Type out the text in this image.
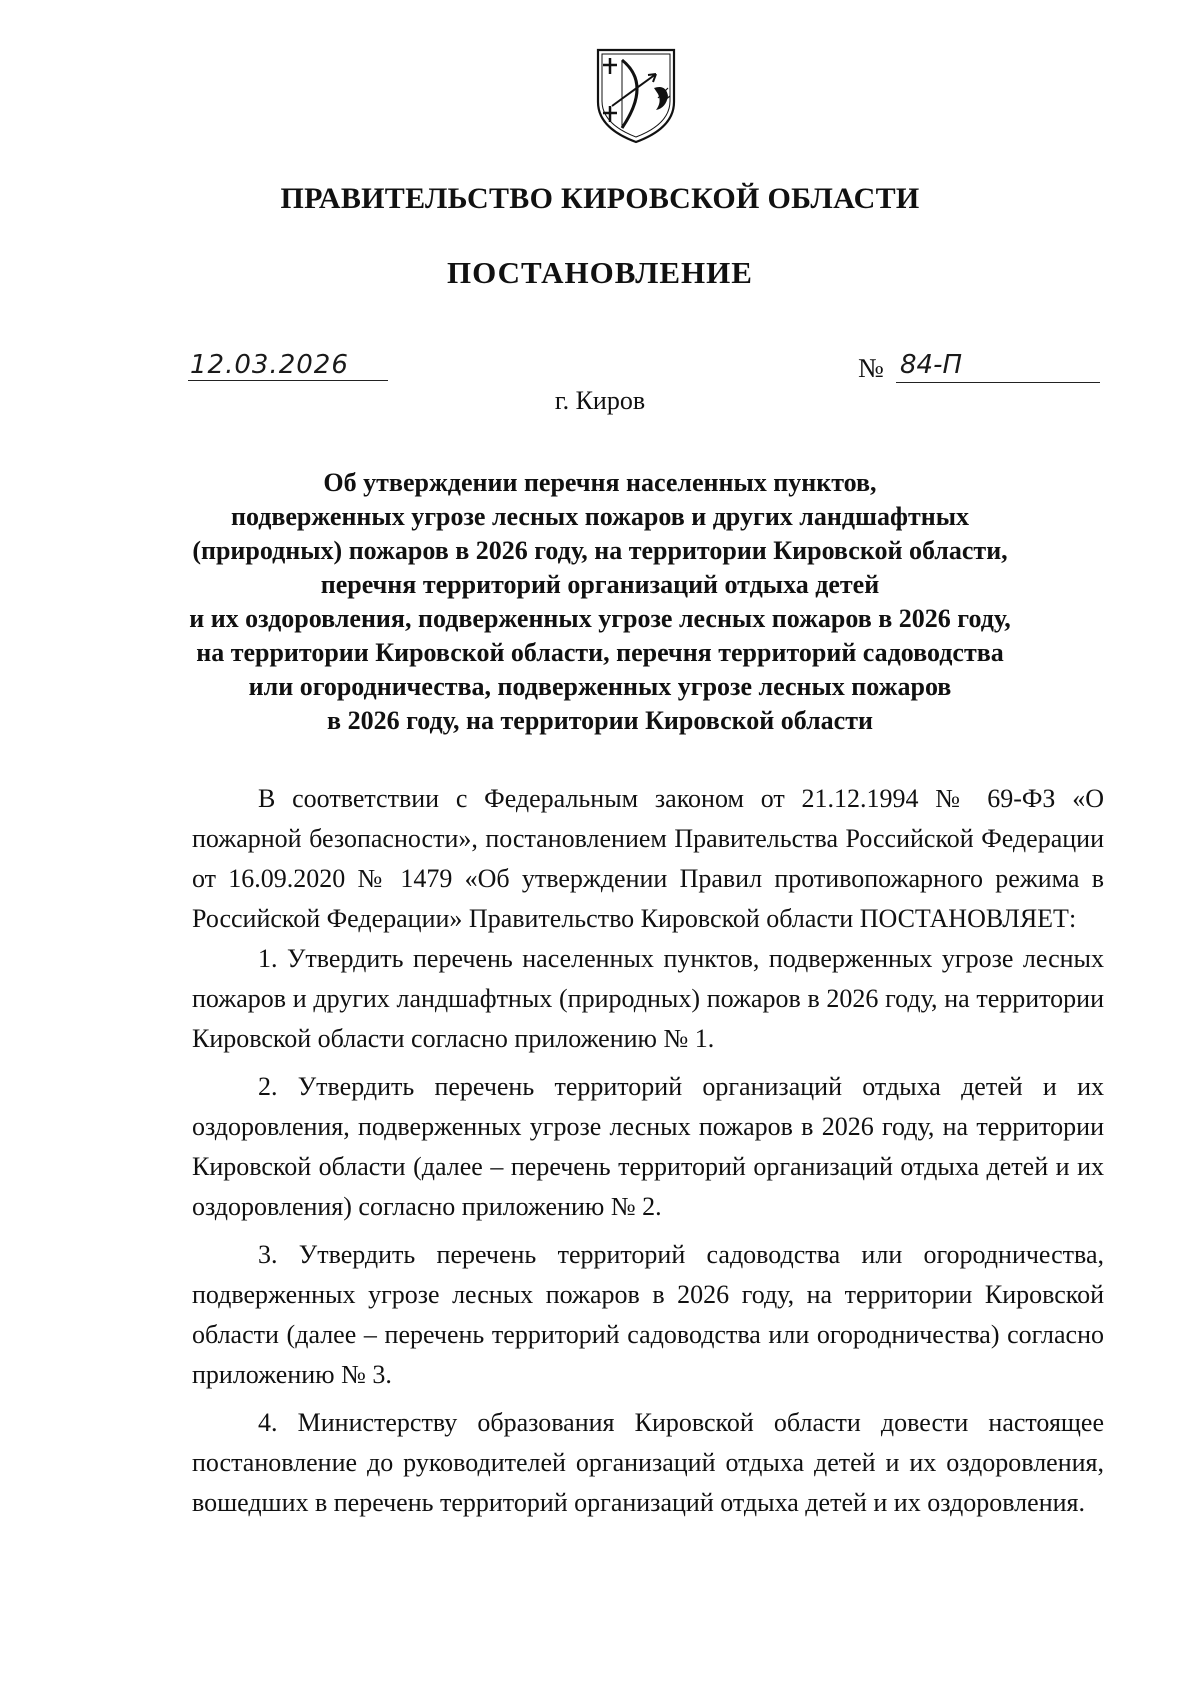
ПРАВИТЕЛЬСТВО КИРОВСКОЙ ОБЛАСТИ
ПОСТАНОВЛЕНИЕ
12.03.2026	№ 84-П
г. Киров
Об утверждении перечня населенных пунктов,
подверженных угрозе лесных пожаров и других ландшафтных
(природных) пожаров в 2026 году, на территории Кировской области,
перечня территорий организаций отдыха детей
и их оздоровления, подверженных угрозе лесных пожаров в 2026 году,
на территории Кировской области, перечня территорий садоводства
или огородничества, подверженных угрозе лесных пожаров
в 2026 году, на территории Кировской области

В соответствии с Федеральным законом от 21.12.1994 № 69-ФЗ «О пожарной безопасности», постановлением Правительства Российской Федерации от 16.09.2020 № 1479 «Об утверждении Правил противопожарного режима в Российской Федерации» Правительство Кировской области ПОСТАНОВЛЯЕТ:

1. Утвердить перечень населенных пунктов, подверженных угрозе лесных пожаров и других ландшафтных (природных) пожаров в 2026 году, на территории Кировской области согласно приложению № 1.

2. Утвердить перечень территорий организаций отдыха детей и их оздоровления, подверженных угрозе лесных пожаров в 2026 году, на территории Кировской области (далее – перечень территорий организаций отдыха детей и их оздоровления) согласно приложению № 2.

3. Утвердить перечень территорий садоводства или огородничества, подверженных угрозе лесных пожаров в 2026 году, на территории Кировской области (далее – перечень территорий садоводства или огородничества) согласно приложению № 3.

4. Министерству образования Кировской области довести настоящее постановление до руководителей организаций отдыха детей и их оздоровления, вошедших в перечень территорий организаций отдыха детей и их оздоровления.
